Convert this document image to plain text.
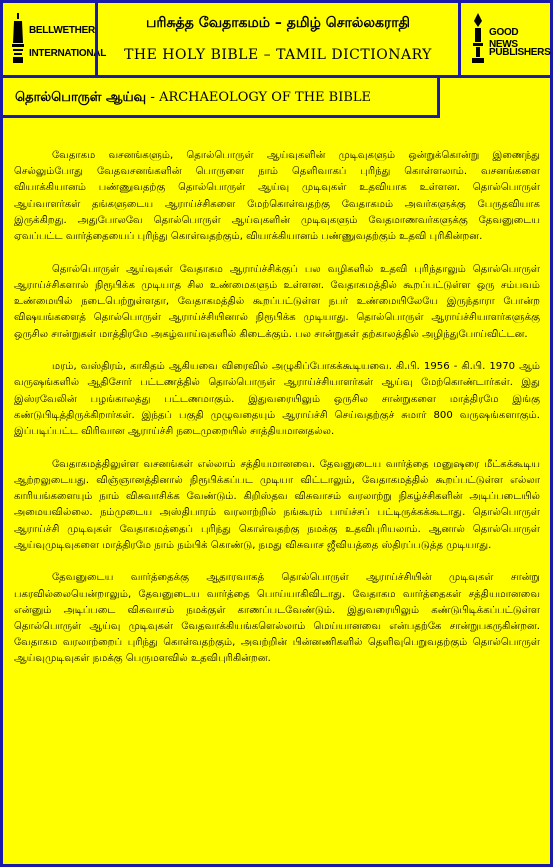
BELLWETHER
INTERNATIONAL
பரிசுத்த வேதாகமம் – தமிழ் சொல்லகராதி
THE HOLY BIBLE – TAMIL DICTIONARY
GOOD NEWS
PUBLISHERS
தொல்பொருள் ஆய்வு - ARCHAEOLOGY OF THE BIBLE

வேதாகம வசனங்களும், தொல்பொருள் ஆய்வுகளின் முடிவுகளும் ஒன்றுக்கொன்று இணைந்து செல்லும்போது வேதவசனங்களின் பொருளை நாம் தெளிவாகப் புரிந்து கொள்ளலாம். வசனங்களை வியாக்கியானம் பண்ணுவதற்கு தொல்பொருள் ஆய்வு முடிவுகள் உதவியாக உள்ளன. தொல்பொருள் ஆய்வாளர்கள் தங்களுடைய ஆராய்ச்சிகளை மேற்கொள்வதற்கு வேதாகமம் அவர்களுக்கு பேருதவியாக இருக்கிறது. அதுபோலவே தொல்பொருள் ஆய்வுகளின் முடிவுகளும் வேதமாணவர்களுக்கு தேவனுடைய ஏவப்பட்ட வார்த்தையைப் புரிந்து கொள்வதற்கும், வியாக்கியானம் பண்ணுவதற்கும் உதவி புரிகின்றன.

தொல்பொருள் ஆய்வுகள் வேதாகம ஆராய்ச்சிக்குப் பல வழிகளில் உதவி புரிந்தாலும் தொல்பொருள் ஆராய்ச்சிகளால் நிரூபிக்க முடியாத சில உண்மைகளும் உள்ளன. வேதாகமத்தில் கூறப்பட்டுள்ள ஒரு சம்பவம் உண்மையில் நடைபெற்றுள்ளதா, வேதாகமத்தில் கூறப்பட்டுள்ள நபர் உண்மையிலேயே இருந்தாரா போன்ற விஷயங்களைத் தொல்பொருள் ஆராய்ச்சியினால் நிரூபிக்க முடியாது. தொல்பொருள் ஆராய்ச்சியாளர்களுக்கு ஒருசில சான்றுகள் மாத்திரமே அகழ்வாய்வுகளில் கிடைக்கும். பல சான்றுகள் தற்காலத்தில் அழிந்துபோய்விட்டன.

மரம், வஸ்திரம், காகிதம் ஆகியவை விரைவில் அழுகிப்போகக்கூடியவை. கி.பி. 1956 - கி.பி. 1970 ஆம் வருஷங்களில் ஆதிசோர் பட்டணத்தில் தொல்பொருள் ஆராய்ச்சியாளர்கள் ஆய்வு மேற்கொண்டார்கள். இது இஸ்ரவேலின் பழங்காலத்து பட்டணமாகும். இதுவரையிலும் ஒருசில சான்றுகளை மாத்திரமே இங்கு கண்டுபிடித்திருக்கிறார்கள். இந்தப் பகுதி முழுவதையும் ஆராய்ச்சி செய்வதற்குச் சுமார் 800 வருஷங்களாகும். இப்படிப்பட்ட விரிவான ஆராய்ச்சி நடைமுறையில் சாத்தியமானதல்ல.

வேதாகமத்திலுள்ள வசனங்கள் எல்லாம் சத்தியமானவை. தேவனுடைய வார்த்தை மனுஷரை மீட்கக்கூடிய ஆற்றலுடையது. விஞ்ஞானத்தினால் நிரூபிக்கப்பட முடியா விட்டாலும், வேதாகமத்தில் கூறப்பட்டுள்ள எல்லா காரியங்களையும் நாம் விசுவாசிக்க வேண்டும். கிறிஸ்தவ விசுவாசம் வரலாற்று நிகழ்ச்சிகளின் அடிப்படையில் அமையவில்லை. நம்முடைய அஸ்திபாரம் வரலாற்றில் நங்கூரம் பாய்ச்சப் பட்டிருக்கக்கூடாது. தொல்பொருள் ஆராய்ச்சி முடிவுகள் வேதாகமத்தைப் புரிந்து கொள்வதற்கு நமக்கு உதவிபுரியலாம். ஆனால் தொல்பொருள் ஆய்வுமுடிவுகளை மாத்திரமே நாம் நம்பிக் கொண்டு, நமது விசுவாச ஜீவியத்தை ஸ்திரப்படுத்த முடியாது.

தேவனுடைய வார்த்தைக்கு ஆதாரவாகத் தொல்பொருள் ஆராய்ச்சியின் முடிவுகள் சான்று பகரவில்லையென்றாலும், தேவனுடைய வார்த்தை பொய்யாகிவிடாது. வேதாகம வார்த்தைகள் சத்தியமானவை என்னும் அடிப்படை விசுவாசம் நமக்குள் காணப்படவேண்டும். இதுவரையிலும் கண்டுபிடிக்கப்பட்டுள்ள தொல்பொருள் ஆய்வு முடிவுகள் வேதவாக்கியங்களெல்லாம் மெய்யானவை என்பதற்கே சான்றுபகருகின்றன. வேதாகம வரலாற்றைப் புரிந்து கொள்வதற்கும், அவற்றின் பின்னணிகளில் தெளிவுபெறுவதற்கும் தொல்பொருள் ஆய்வுமுடிவுகள் நமக்கு பெருமளவில் உதவிபுரிகின்றன.
